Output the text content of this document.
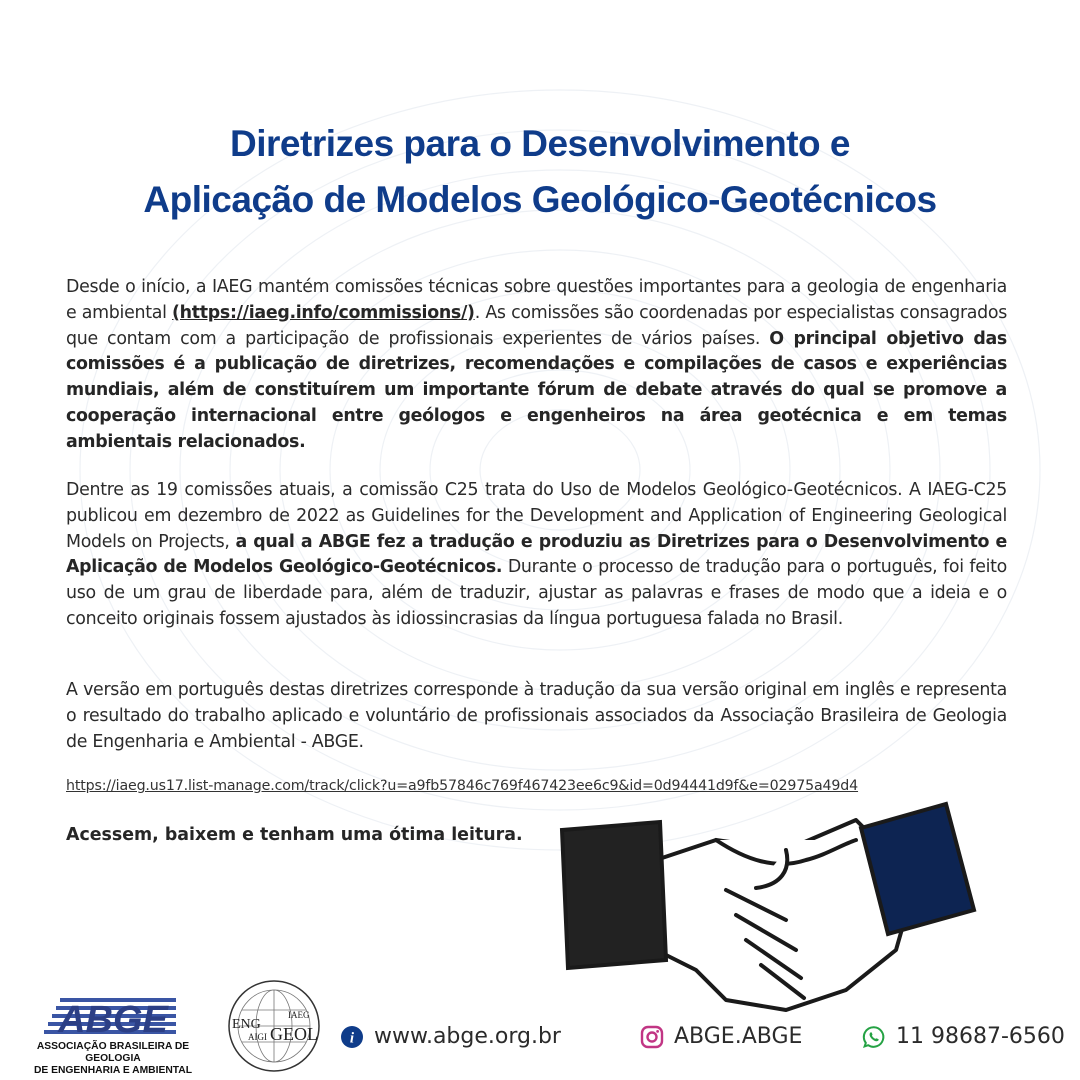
Diretrizes para o Desenvolvimento e
Aplicação de Modelos Geológico-Geotécnicos

Desde o início, a IAEG mantém comissões técnicas sobre questões importantes para a geologia de engenharia e ambiental (https://iaeg.info/commissions/). As comissões são coordenadas por especialistas consagrados que contam com a participação de profissionais experientes de vários países. O principal objetivo das comissões é a publicação de diretrizes, recomendações e compilações de casos e experiências mundiais, além de constituírem um importante fórum de debate através do qual se promove a cooperação internacional entre geólogos e engenheiros na área geotécnica e em temas ambientais relacionados.

Dentre as 19 comissões atuais, a comissão C25 trata do Uso de Modelos Geológico-Geotécnicos. A IAEG-C25 publicou em dezembro de 2022 as Guidelines for the Development and Application of Engineering Geological Models on Projects, a qual a ABGE fez a tradução e produziu as Diretrizes para o Desenvolvimento e Aplicação de Modelos Geológico-Geotécnicos. Durante o processo de tradução para o português, foi feito uso de um grau de liberdade para, além de traduzir, ajustar as palavras e frases de modo que a ideia e o conceito originais fossem ajustados às idiossincrasias da língua portuguesa falada no Brasil.

A versão em português destas diretrizes corresponde à tradução da sua versão original em inglês e representa o resultado do trabalho aplicado e voluntário de profissionais associados da Associação Brasileira de Geologia de Engenharia e Ambiental - ABGE.

https://iaeg.us17.list-manage.com/track/click?u=a9fb57846c769f467423ee6c9&id=0d94441d9f&e=02975a49d4
Acessem, baixem e tenham uma ótima leitura.
ABGE
ASSOCIAÇÃO BRASILEIRA DE GEOLOGIA
DE ENGENHARIA E AMBIENTAL
ENG GEOL
IAEG
AIGI	i www.abge.org.br	ABGE.ABGE	11 98687-6560
